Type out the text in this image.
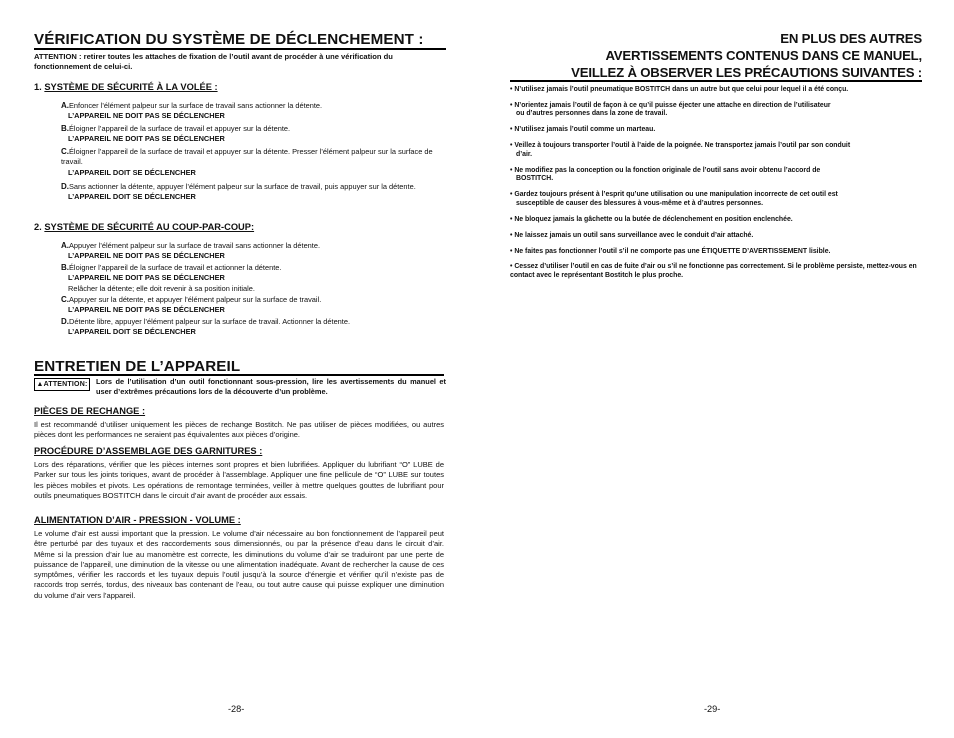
VÉRIFICATION DU SYSTÈME DE DÉCLENCHEMENT :
ATTENTION : retirer toutes les attaches de fixation de l’outil avant de procéder à une vérification du fonctionnement de celui-ci.
1. SYSTÈME DE SÉCURITÉ À LA VOLÉE :
A.Enfoncer l’élément palpeur sur la surface de travail sans actionner la détente.
L’APPAREIL NE DOIT PAS SE DÉCLENCHER
B.Éloigner l’appareil de la surface de travail et appuyer sur la détente.
L’APPAREIL NE DOIT PAS SE DÉCLENCHER
C.Éloigner l’appareil de la surface de travail et appuyer sur la détente. Presser l’élément palpeur sur la surface de travail.
L’APPAREIL DOIT SE DÉCLENCHER
D.Sans actionner la détente, appuyer l’élément palpeur sur la surface de travail, puis appuyer sur la détente.
L’APPAREIL DOIT SE DÉCLENCHER
2. SYSTÈME DE SÉCURITÉ AU COUP-PAR-COUP:
A.Appuyer l’élément palpeur sur la surface de travail sans actionner la détente.
L’APPAREIL NE DOIT PAS SE DÉCLENCHER
B.Éloigner l’appareil de la surface de travail et actionner la détente.
L’APPAREIL NE DOIT PAS SE DÉCLENCHER
Relâcher la détente; elle doit revenir à sa position initiale.
C.Appuyer sur la détente, et appuyer l’élément palpeur sur la surface de travail.
L’APPAREIL NE DOIT PAS SE DÉCLENCHER
D.Détente libre, appuyer l’élément palpeur sur la surface de travail. Actionner la détente.
L’APPAREIL DOIT SE DÉCLENCHER
ENTRETIEN DE L’APPAREIL
▲ATTENTION:	Lors de l’utilisation d’un outil fonctionnant sous-pression, lire les avertissements du manuel et user d’extrêmes précautions lors de la découverte d’un problème.
PIÈCES DE RECHANGE :
Il est recommandé d’utiliser uniquement les pièces de rechange Bostitch. Ne pas utiliser de pièces modifiées, ou autres pièces dont les performances ne seraient pas équivalentes aux pièces d’origine.
PROCÉDURE D’ASSEMBLAGE DES GARNITURES :
Lors des réparations, vérifier que les pièces internes sont propres et bien lubrifiées. Appliquer du lubrifiant “O” LUBE de Parker sur tous les joints toriques, avant de procéder à l’assemblage. Appliquer une fine pellicule de “O” LUBE sur toutes les pièces mobiles et pivots. Les opérations de remontage terminées, veiller à mettre quelques gouttes de lubrifiant pour outils pneumatiques BOSTITCH dans le circuit d’air avant de procéder aux essais.
ALIMENTATION D’AIR - PRESSION - VOLUME :
Le volume d’air est aussi important que la pression. Le volume d’air nécessaire au bon fonctionnement de l’appareil peut être perturbé par des tuyaux et des raccordements sous dimensionnés, ou par la présence d’eau dans le circuit d’air. Même si la pression d’air lue au manomètre est correcte, les diminutions du volume d’air se traduiront par une perte de puissance de l’appareil, une diminution de la vitesse ou une alimentation inadéquate. Avant de rechercher la cause de ces symptômes, vérifier les raccords et les tuyaux depuis l’outil jusqu’à la source d’énergie et vérifier qu’il n’existe pas de raccords trop serrés, tordus, des niveaux bas contenant de l’eau, ou tout autre cause qui puisse expliquer une diminution du volume d’air vers l’appareil.
-28-
EN PLUS DES AUTRES
AVERTISSEMENTS CONTENUS DANS CE MANUEL,
VEILLEZ À OBSERVER LES PRÉCAUTIONS SUIVANTES :
• N’utilisez jamais l’outil pneumatique BOSTITCH dans un autre but que celui pour lequel il a été conçu.
• N’orientez jamais l’outil de façon à ce qu’il puisse éjecter une attache en direction de l’utilisateur
ou d’autres personnes dans la zone de travail.
• N’utilisez jamais l’outil comme un marteau.
• Veillez à toujours transporter l’outil à l’aide de la poignée. Ne transportez jamais l’outil par son conduit
d’air.
• Ne modifiez pas la conception ou la fonction originale de l’outil sans avoir obtenu l’accord de
BOSTITCH.
• Gardez toujours présent à l’esprit qu’une utilisation ou une manipulation incorrecte de cet outil est
susceptible de causer des blessures à vous-même et à d’autres personnes.
• Ne bloquez jamais la gâchette ou la butée de déclenchement en position enclenchée.
• Ne laissez jamais un outil sans surveillance avec le conduit d’air attaché.
• Ne faites pas fonctionner l’outil s’il ne comporte pas une ÉTIQUETTE D’AVERTISSEMENT lisible.
• Cessez d’utiliser l’outil en cas de fuite d’air ou s’il ne fonctionne pas correctement. Si le problème persiste, mettez-vous en contact avec le représentant Bostitch le plus proche.
-29-
